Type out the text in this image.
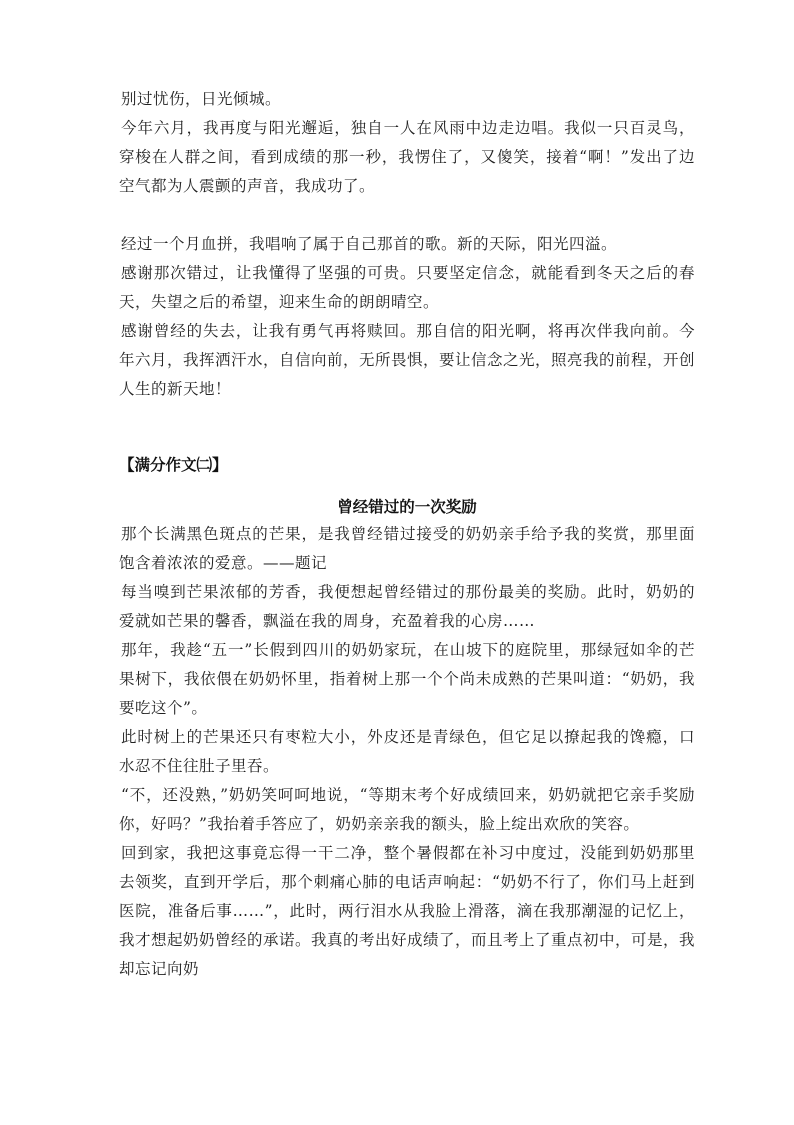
别过忧伤，日光倾城。

今年六月，我再度与阳光邂逅，独自一人在风雨中边走边唱。我似一只百灵鸟，穿梭在人群之间，看到成绩的那一秒，我愣住了，又傻笑，接着“啊！”发出了边空气都为人震颤的声音，我成功了。

经过一个月血拼，我唱响了属于自己那首的歌。新的天际，阳光四溢。

感谢那次错过，让我懂得了坚强的可贵。只要坚定信念，就能看到冬天之后的春天，失望之后的希望，迎来生命的朗朗晴空。

感谢曾经的失去，让我有勇气再将赎回。那自信的阳光啊，将再次伴我向前。今年六月，我挥洒汗水，自信向前，无所畏惧，要让信念之光，照亮我的前程，开创人生的新天地！

【满分作文㈡】
曾经错过的一次奖励

那个长满黑色斑点的芒果，是我曾经错过接受的奶奶亲手给予我的奖赏，那里面饱含着浓浓的爱意。——题记

每当嗅到芒果浓郁的芳香，我便想起曾经错过的那份最美的奖励。此时，奶奶的爱就如芒果的馨香，飘溢在我的周身，充盈着我的心房……

那年，我趁“五一”长假到四川的奶奶家玩，在山坡下的庭院里，那绿冠如伞的芒果树下，我依偎在奶奶怀里，指着树上那一个个尚未成熟的芒果叫道：“奶奶，我要吃这个”。

此时树上的芒果还只有枣粒大小，外皮还是青绿色，但它足以撩起我的馋瘾，口水忍不住往肚子里吞。

“不，还没熟，”奶奶笑呵呵地说，“等期末考个好成绩回来，奶奶就把它亲手奖励你，好吗？”我抬着手答应了，奶奶亲亲我的额头，脸上绽出欢欣的笑容。

回到家，我把这事竟忘得一干二净，整个暑假都在补习中度过，没能到奶奶那里去领奖，直到开学后，那个刺痛心肺的电话声响起：“奶奶不行了，你们马上赶到医院，准备后事……”，此时，两行泪水从我脸上滑落，滴在我那潮湿的记忆上，我才想起奶奶曾经的承诺。我真的考出好成绩了，而且考上了重点初中，可是，我却忘记向奶
